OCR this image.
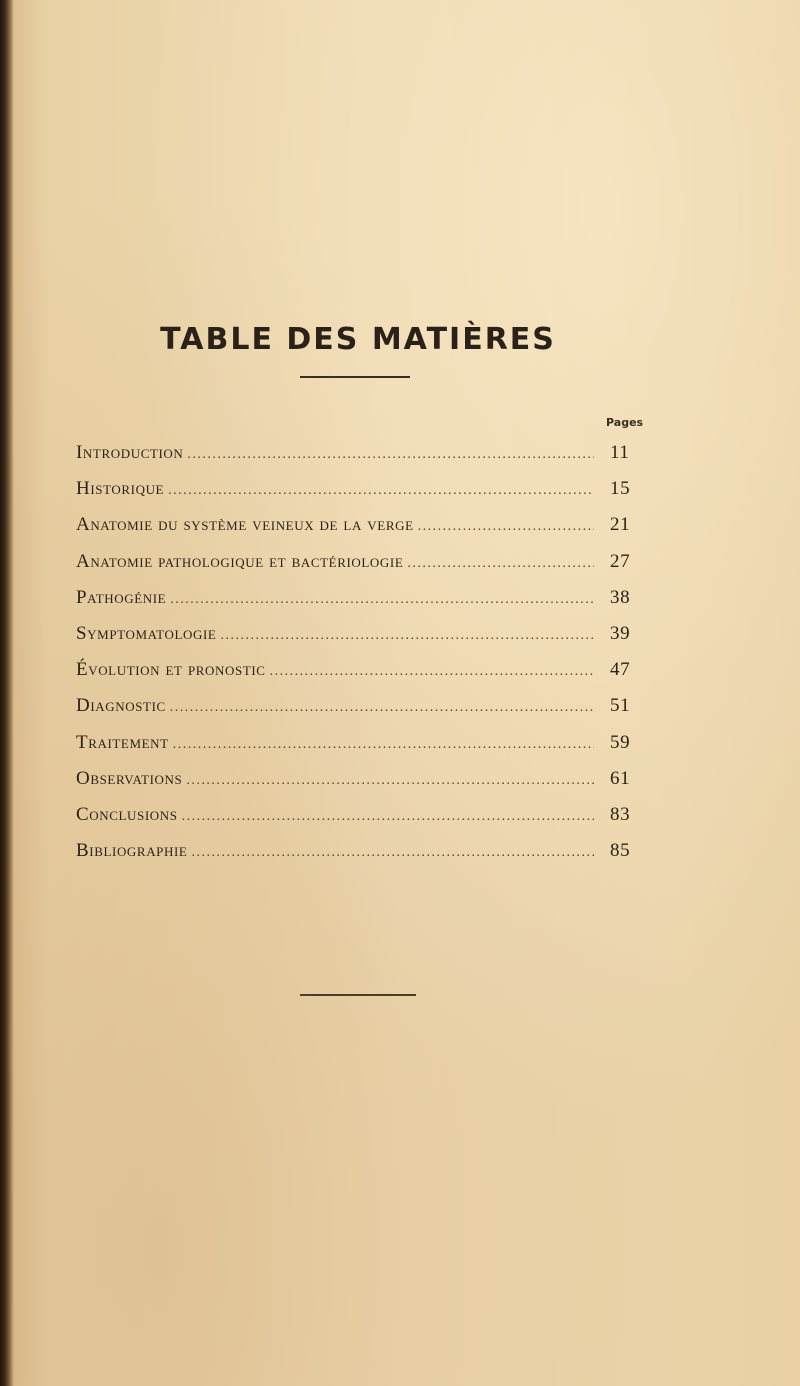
TABLE DES MATIÈRES
Pages
Introduction . . .	11
Historique . . .	15
Anatomie du système veineux de la verge . . .	21
Anatomie pathologique et bactériologie . . .	27
Pathogénie . . .	38
Symptomatologie . . .	39
Évolution et pronostic . . .	47
Diagnostic . . .	51
Traitement . . .	59
Observations . . .	61
Conclusions . . .	83
Bibliographie . . .	85
